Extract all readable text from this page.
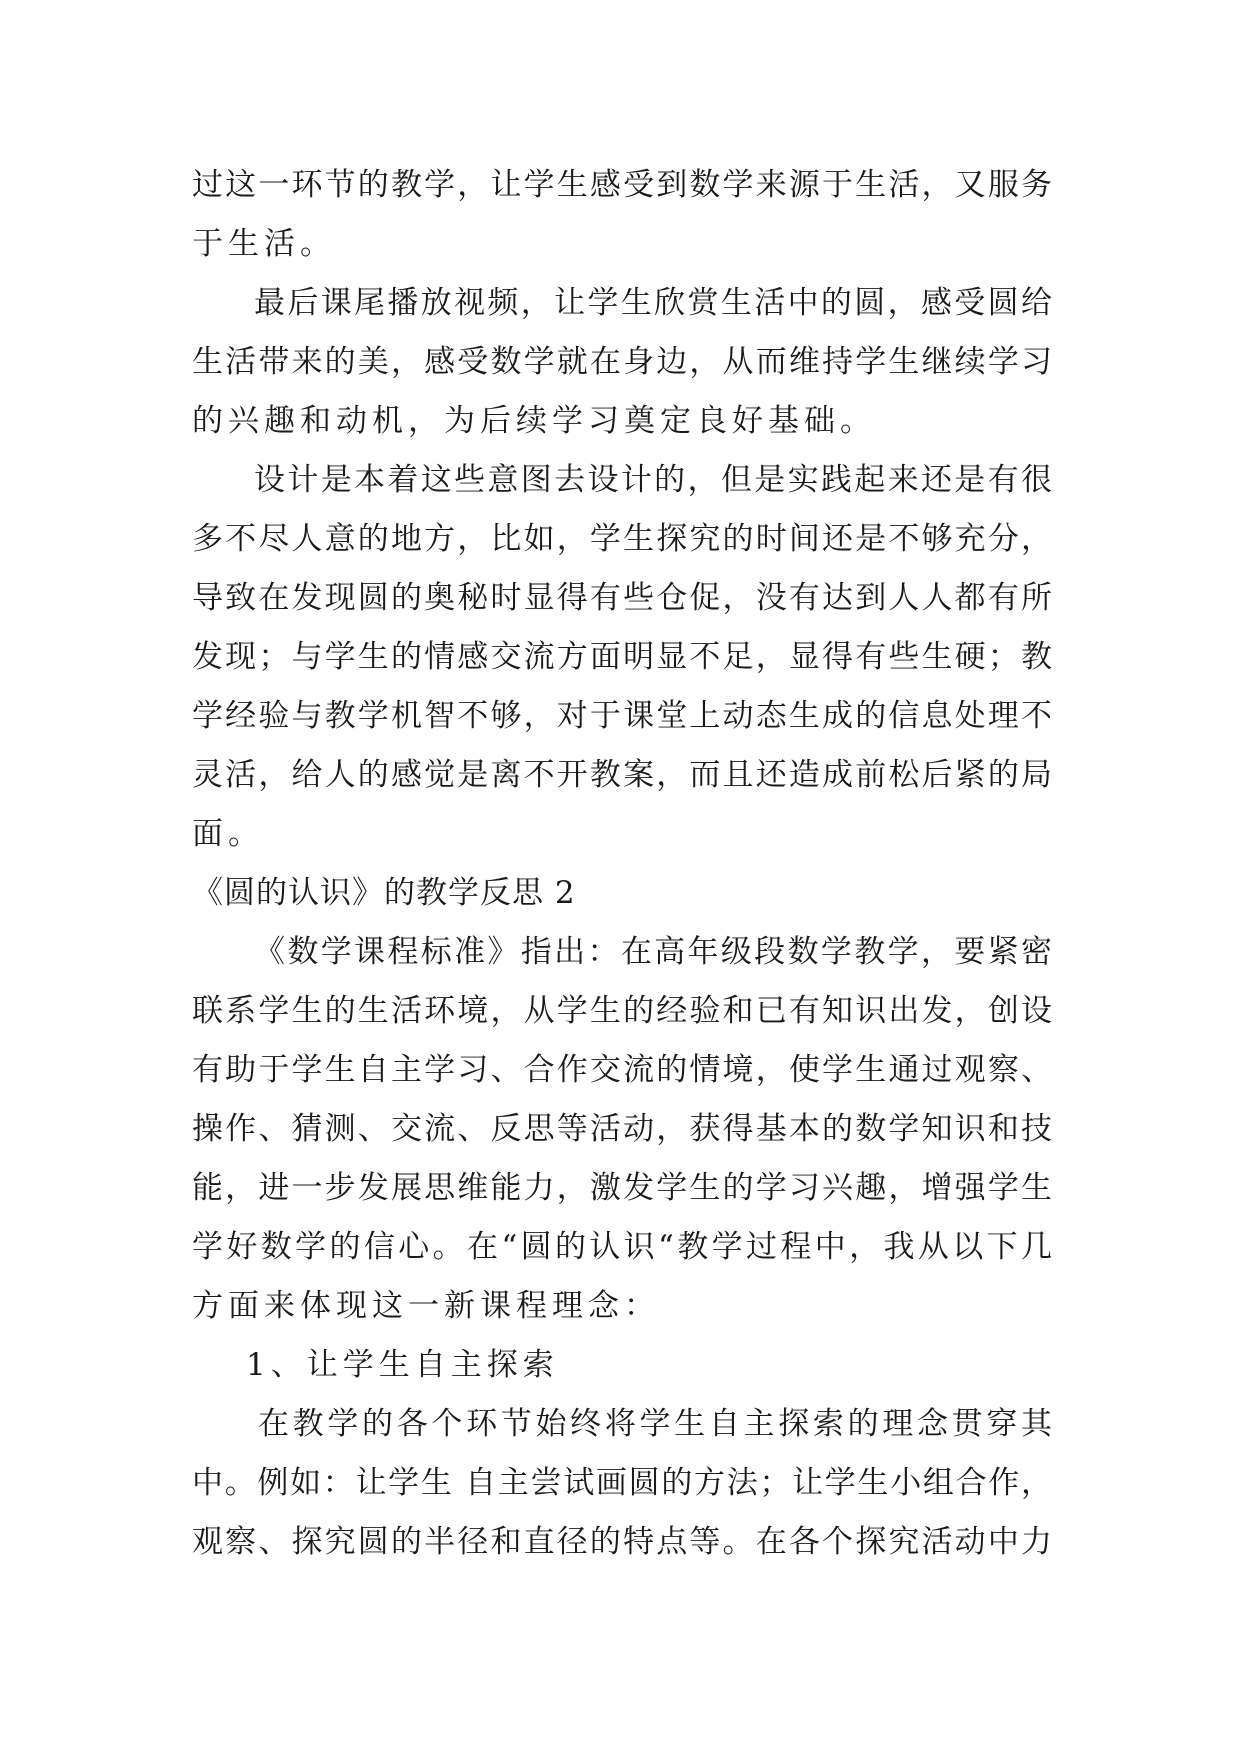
过这一环节的教学，让学生感受到数学来源于生活，又服务
于生活。
最后课尾播放视频，让学生欣赏生活中的圆，感受圆给
生活带来的美，感受数学就在身边，从而维持学生继续学习
的兴趣和动机，为后续学习奠定良好基础。
设计是本着这些意图去设计的，但是实践起来还是有很
多不尽人意的地方，比如，学生探究的时间还是不够充分，
导致在发现圆的奥秘时显得有些仓促，没有达到人人都有所
发现；与学生的情感交流方面明显不足，显得有些生硬；教
学经验与教学机智不够，对于课堂上动态生成的信息处理不
灵活，给人的感觉是离不开教案，而且还造成前松后紧的局
面。
《圆的认识》的教学反思 2
《数学课程标准》指出：在高年级段数学教学，要紧密
联系学生的生活环境，从学生的经验和已有知识出发，创设
有助于学生自主学习、合作交流的情境，使学生通过观察、
操作、猜测、交流、反思等活动，获得基本的数学知识和技
能，进一步发展思维能力，激发学生的学习兴趣，增强学生
学好数学的信心。在“圆的认识“教学过程中，我从以下几
方面来体现这一新课程理念：
1、让学生自主探索
在教学的各个环节始终将学生自主探索的理念贯穿其
中。例如：让学生 自主尝试画圆的方法；让学生小组合作，
观察、探究圆的半径和直径的特点等。在各个探究活动中力
